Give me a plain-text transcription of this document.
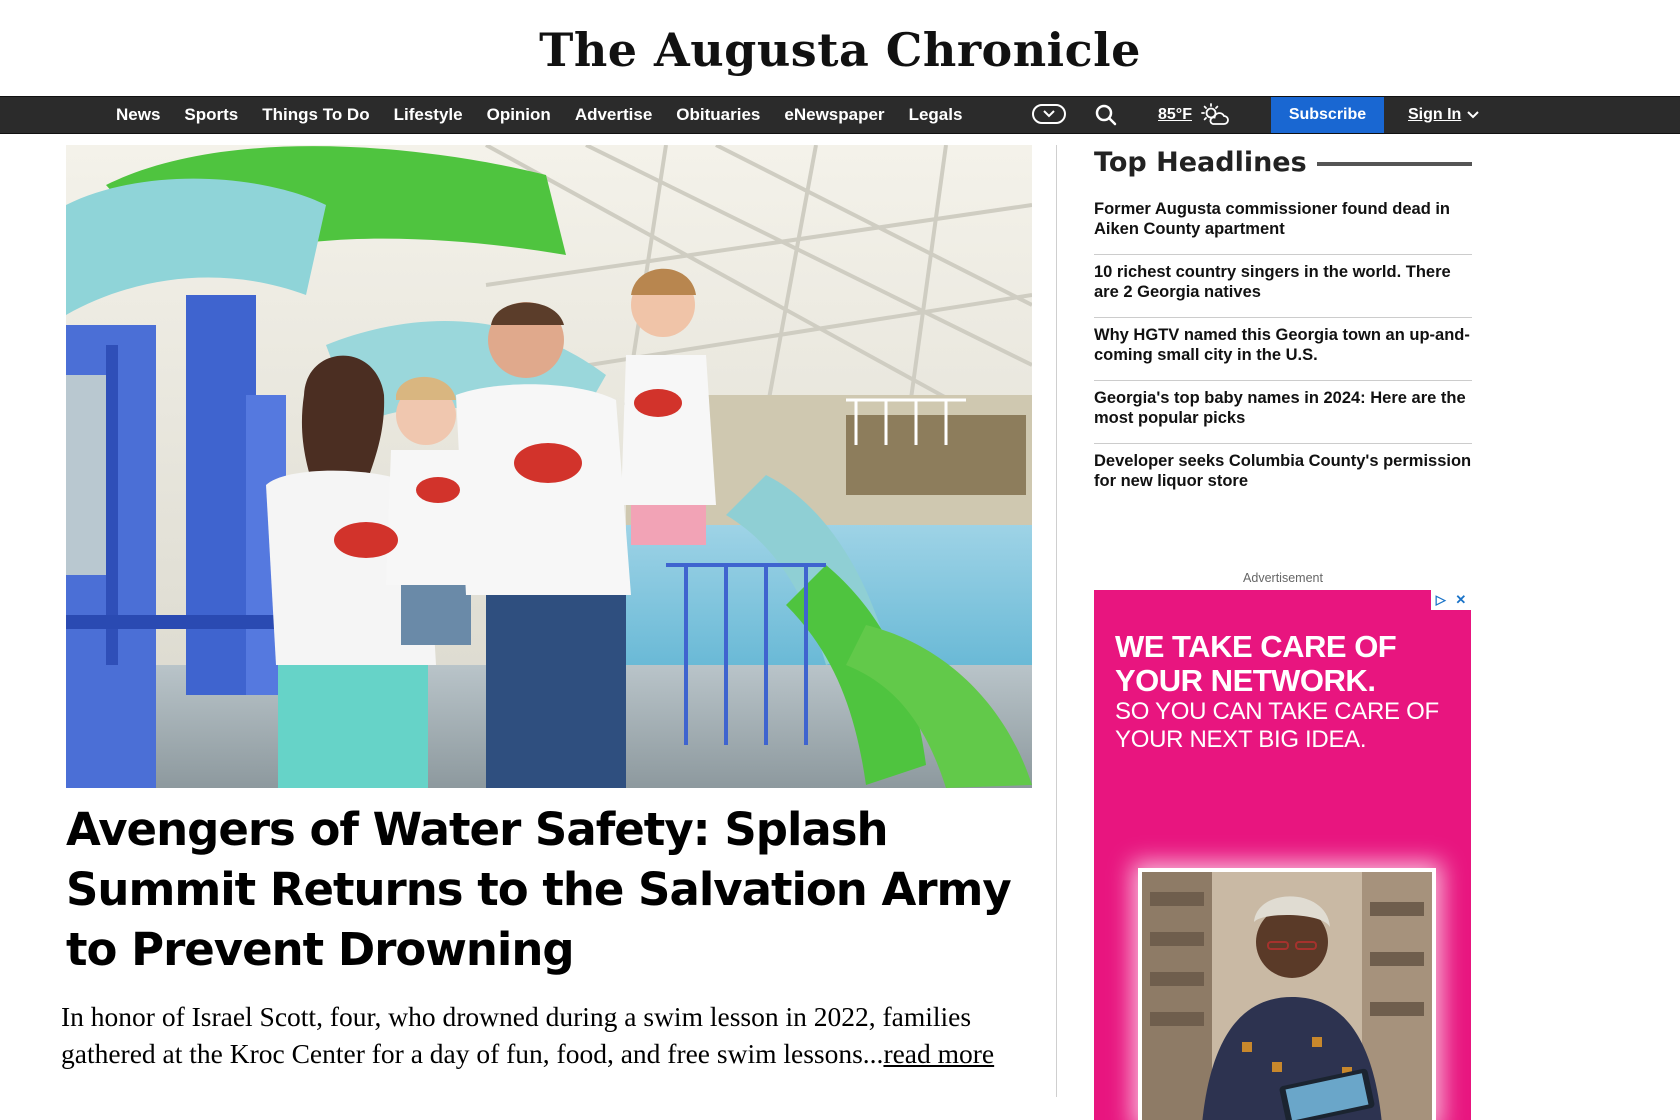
The Augusta Chronicle
News Sports Things To Do Lifestyle Opinion Advertise Obituaries eNewspaper Legals	85°F	Subscribe	Sign In
Avengers of Water Safety: Splash Summit Returns to the Salvation Army to Prevent Drowning

In honor of Israel Scott, four, who drowned during a swim lesson in 2022, families gathered at the Kroc Center for a day of fun, food, and free swim lessons...read more

Top Headlines
Former Augusta commissioner found dead in Aiken County apartment
10 richest country singers in the world. There are 2 Georgia natives
Why HGTV named this Georgia town an up-and-coming small city in the U.S.
Georgia's top baby names in 2024: Here are the most popular picks
Developer seeks Columbia County's permission for new liquor store
Advertisement
▷ ✕
WE TAKE CARE OF YOUR NETWORK.
SO YOU CAN TAKE CARE OF YOUR NEXT BIG IDEA.
